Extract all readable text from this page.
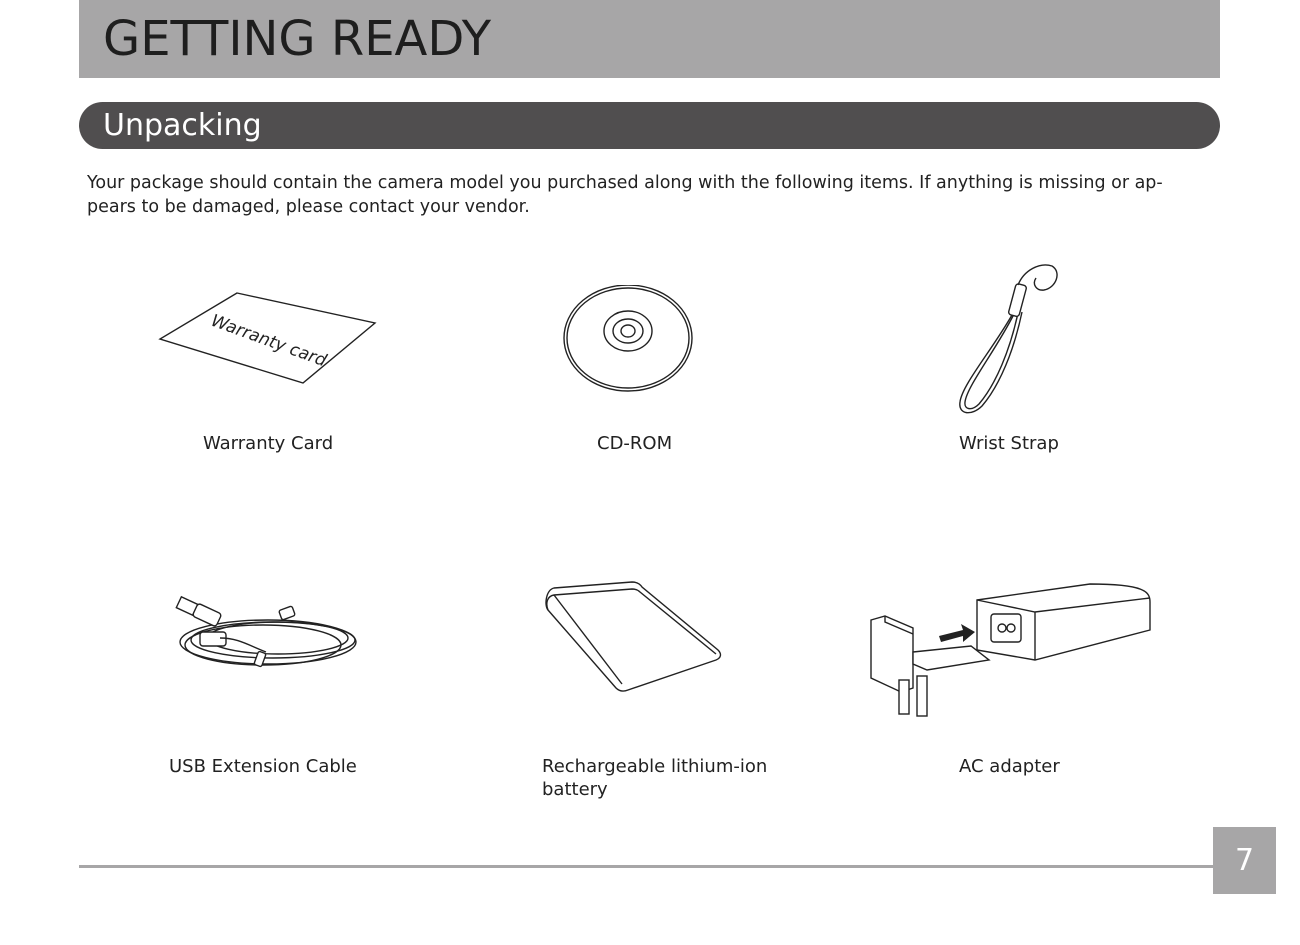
GETTING READY
Unpacking

Your package should contain the camera model you purchased along with the following items. If anything is missing or ap-pears to be damaged, please contact your vendor.

Warranty card

Warranty Card	CD-ROM	Wrist Strap

USB Extension Cable	Rechargeable lithium-ion battery

AC adapter

7
